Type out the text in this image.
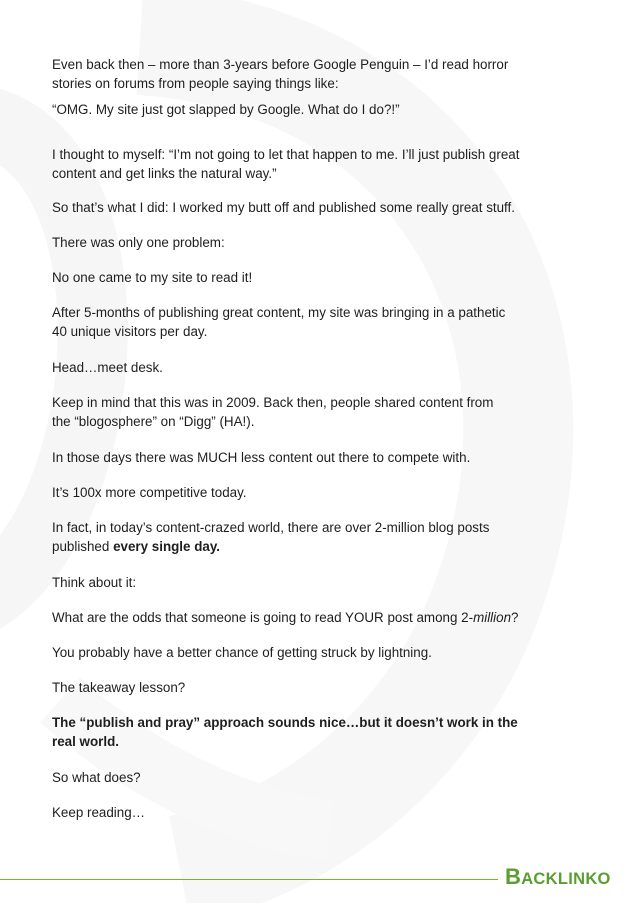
Even back then – more than 3-years before Google Penguin – I’d read horror
stories on forums from people saying things like:

“OMG. My site just got slapped by Google. What do I do?!”

I thought to myself: “I’m not going to let that happen to me. I’ll just publish great
content and get links the natural way.”

So that’s what I did: I worked my butt off and published some really great stuff.

There was only one problem:

No one came to my site to read it!

After 5-months of publishing great content, my site was bringing in a pathetic
40 unique visitors per day.

Head…meet desk.

Keep in mind that this was in 2009. Back then, people shared content from
the “blogosphere” on “Digg” (HA!).

In those days there was MUCH less content out there to compete with.

It’s 100x more competitive today.

In fact, in today’s content-crazed world, there are over 2-million blog posts
published every single day.

Think about it:

What are the odds that someone is going to read YOUR post among 2-million?

You probably have a better chance of getting struck by lightning.

The takeaway lesson?

The “publish and pray” approach sounds nice…but it doesn’t work in the
real world.

So what does?

Keep reading…

BACKLINKO
